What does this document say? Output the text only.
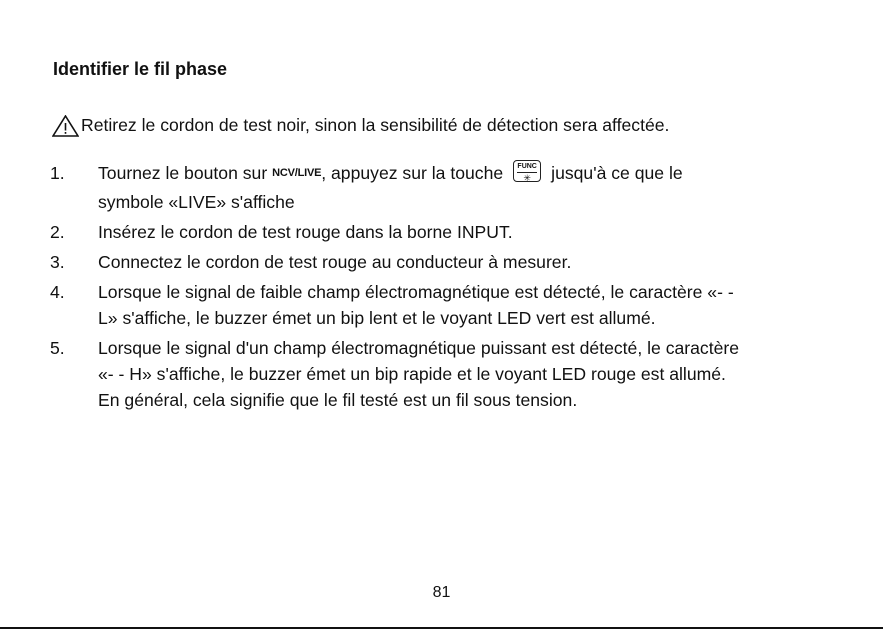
Identifier le fil phase
Retirez le cordon de test noir, sinon la sensibilité de détection sera affectée.
1. Tournez le bouton sur NCV/LIVE, appuyez sur la touche FUNC
✳	jusqu'à ce que le
symbole «LIVE» s'affiche
2. Insérez le cordon de test rouge dans la borne INPUT.
3. Connectez le cordon de test rouge au conducteur à mesurer.
4. Lorsque le signal de faible champ électromagnétique est détecté, le caractère «- -
L» s'affiche, le buzzer émet un bip lent et le voyant LED vert est allumé.
5. Lorsque le signal d'un champ électromagnétique puissant est détecté, le caractère
«- - H» s'affiche, le buzzer émet un bip rapide et le voyant LED rouge est allumé.
En général, cela signifie que le fil testé est un fil sous tension.
81
